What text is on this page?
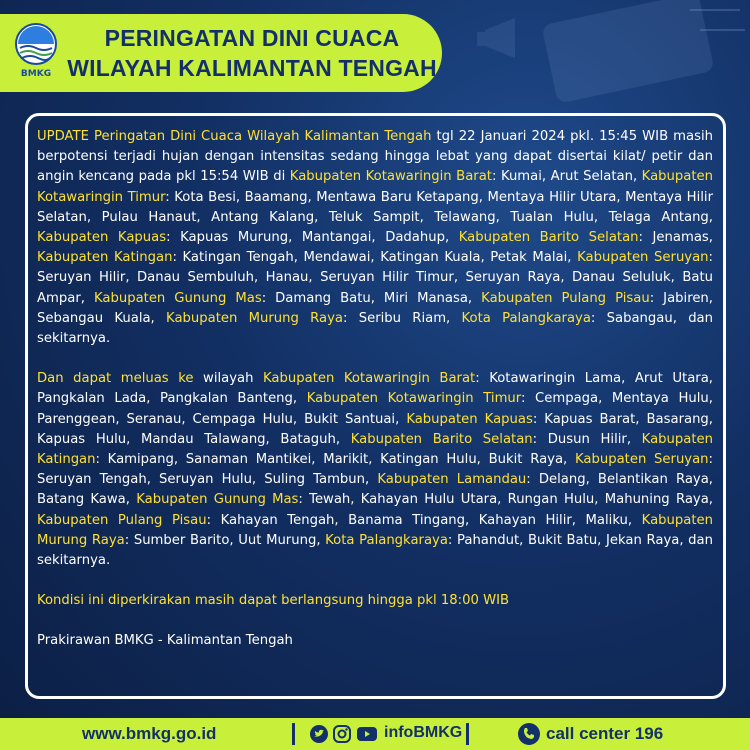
BMKG
PERINGATAN DINI CUACA
WILAYAH KALIMANTAN TENGAH

UPDATE Peringatan Dini Cuaca Wilayah Kalimantan Tengah tgl 22 Januari 2024 pkl. 15:45 WIB masih berpotensi terjadi hujan dengan intensitas sedang hingga lebat yang dapat disertai kilat/ petir dan angin kencang pada pkl 15:54 WIB di Kabupaten Kotawaringin Barat: Kumai, Arut Selatan, Kabupaten Kotawaringin Timur: Kota Besi, Baamang, Mentawa Baru Ketapang, Mentaya Hilir Utara, Mentaya Hilir Selatan, Pulau Hanaut, Antang Kalang, Teluk Sampit, Telawang, Tualan Hulu, Telaga Antang, Kabupaten Kapuas: Kapuas Murung, Mantangai, Dadahup, Kabupaten Barito Selatan: Jenamas, Kabupaten Katingan: Katingan Tengah, Mendawai, Katingan Kuala, Petak Malai, Kabupaten Seruyan: Seruyan Hilir, Danau Sembuluh, Hanau, Seruyan Hilir Timur, Seruyan Raya, Danau Seluluk, Batu Ampar, Kabupaten Gunung Mas: Damang Batu, Miri Manasa, Kabupaten Pulang Pisau: Jabiren, Sebangau Kuala, Kabupaten Murung Raya: Seribu Riam, Kota Palangkaraya: Sabangau, dan sekitarnya.

Dan dapat meluas ke wilayah Kabupaten Kotawaringin Barat: Kotawaringin Lama, Arut Utara, Pangkalan Lada, Pangkalan Banteng, Kabupaten Kotawaringin Timur: Cempaga, Mentaya Hulu, Parenggean, Seranau, Cempaga Hulu, Bukit Santuai, Kabupaten Kapuas: Kapuas Barat, Basarang, Kapuas Hulu, Mandau Talawang, Bataguh, Kabupaten Barito Selatan: Dusun Hilir, Kabupaten Katingan: Kamipang, Sanaman Mantikei, Marikit, Katingan Hulu, Bukit Raya, Kabupaten Seruyan: Seruyan Tengah, Seruyan Hulu, Suling Tambun, Kabupaten Lamandau: Delang, Belantikan Raya, Batang Kawa, Kabupaten Gunung Mas: Tewah, Kahayan Hulu Utara, Rungan Hulu, Mahuning Raya, Kabupaten Pulang Pisau: Kahayan Tengah, Banama Tingang, Kahayan Hilir, Maliku, Kabupaten Murung Raya: Sumber Barito, Uut Murung, Kota Palangkaraya: Pahandut, Bukit Batu, Jekan Raya, dan sekitarnya.

Kondisi ini diperkirakan masih dapat berlangsung hingga pkl 18:00 WIB

Prakirawan BMKG - Kalimantan Tengah

www.bmkg.go.id	infoBMKG	call center 196
